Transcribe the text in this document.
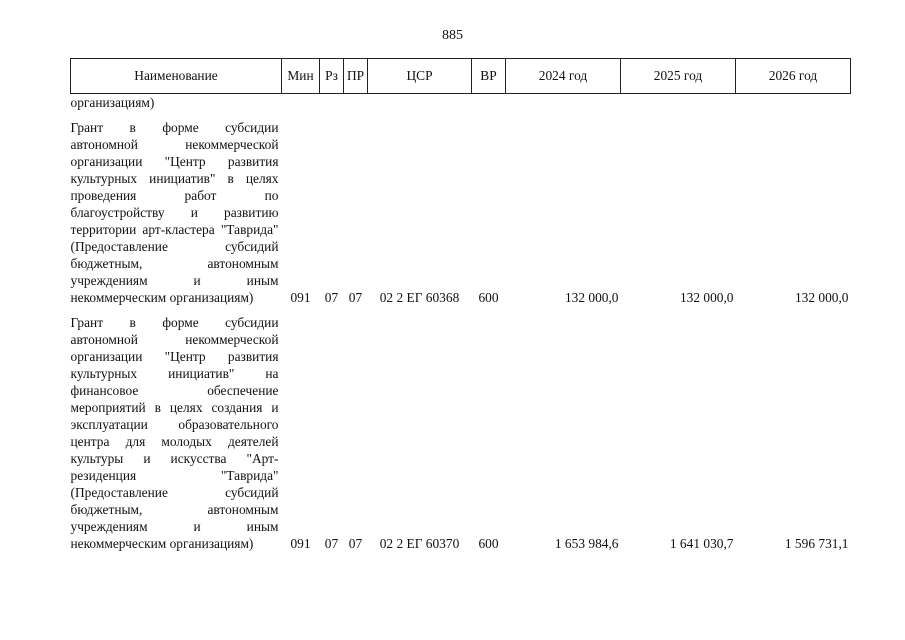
885
Наименование	Мин	Рз	ПР	ЦСР	ВР	2024 год	2025 год	2026 год
организациям)								
Грант в форме субсидии автономной некоммерческой организации "Центр развития культурных инициатив" в целях проведения работ по благоустройству и развитию территории арт-кластера "Таврида" (Предоставление субсидий бюджетным, автономным учреждениям и иным некоммерческим организациям)	091	07	07	02 2 ЕГ 60368	600	132 000,0	132 000,0	132 000,0
Грант в форме субсидии автономной некоммерческой организации "Центр развития культурных инициатив" на финансовое обеспечение мероприятий в целях создания и эксплуатации образовательного центра для молодых деятелей культуры и искусства "Арт-резиденция "Таврида" (Предоставление субсидий бюджетным, автономным учреждениям и иным некоммерческим организациям)	091	07	07	02 2 ЕГ 60370	600	1 653 984,6	1 641 030,7	1 596 731,1
